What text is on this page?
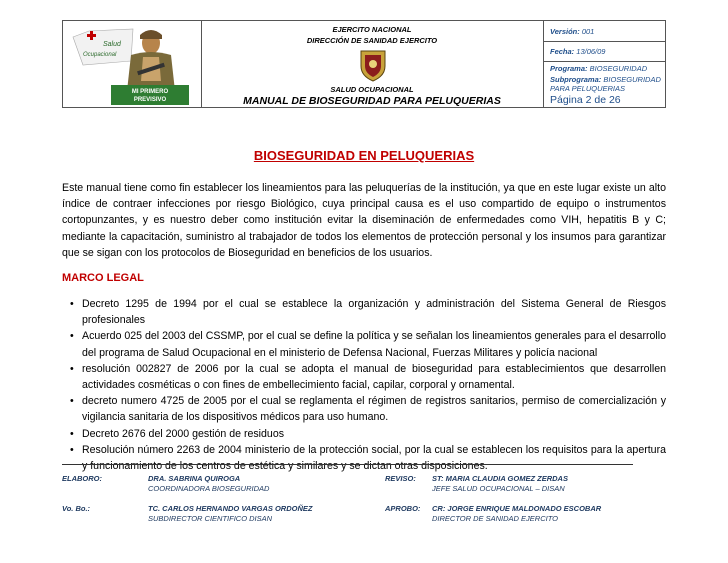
Salud
Ocupacional
MI PRIMERO
PREVISIVO
EJERCITO NACIONAL
DIRECCIÓN DE SANIDAD EJERCITO
SALUD OCUPACIONAL
MANUAL DE BIOSEGURIDAD PARA PELUQUERIAS
Versión: 001
Fecha: 13/06/09
Programa: BIOSEGURIDAD
Subprograma: BIOSEGURIDAD PARA PELUQUERIAS
Página 2 de 26
BIOSEGURIDAD EN PELUQUERIAS
Este manual tiene como fin establecer los lineamientos para las peluquerías de la institución, ya que en este lugar existe un alto índice de contraer infecciones por riesgo Biológico, cuya principal causa es el uso compartido de equipo o instrumentos cortopunzantes, y es nuestro deber como institución evitar la diseminación de enfermedades como VIH, hepatitis B y C; mediante la capacitación, suministro al trabajador de todos los elementos de protección personal y los insumos para garantizar que se sigan con los protocolos de Bioseguridad en beneficios de los usuarios.
MARCO LEGAL
• Decreto 1295 de 1994 por el cual se establece la organización y administración del Sistema General de Riesgos profesionales
• Acuerdo 025 del 2003 del CSSMP, por el cual se define la política y se señalan los lineamientos generales para el desarrollo del programa de Salud Ocupacional en el ministerio de Defensa Nacional, Fuerzas Militares y policía nacional
• resolución 002827 de 2006 por la cual se adopta el manual de bioseguridad para establecimientos que desarrollen actividades cosméticas o con fines de embellecimiento facial, capilar, corporal y ornamental.
• decreto numero 4725 de 2005 por el cual se reglamenta el régimen de registros sanitarios, permiso de comercialización y vigilancia sanitaria de los dispositivos médicos para uso humano.
• Decreto 2676 del 2000 gestión de residuos
• Resolución número 2263 de 2004 ministerio de la protección social, por la cual se establecen los requisitos para la apertura y funcionamiento de los centros de estética y similares y se dictan otras disposiciones.
ELABORO:	DRA. SABRINA QUIROGA
COORDINADORA BIOSEGURIDAD
REVISO: ST: MARIA CLAUDIA GOMEZ ZERDAS
JEFE SALUD OCUPACIONAL – DISAN
Vo. Bo.:	TC. CARLOS HERNANDO VARGAS ORDOÑEZ
SUBDIRECTOR CIENTIFICO DISAN
APROBO: CR: JORGE ENRIQUE MALDONADO ESCOBAR
DIRECTOR DE SANIDAD EJERCITO
